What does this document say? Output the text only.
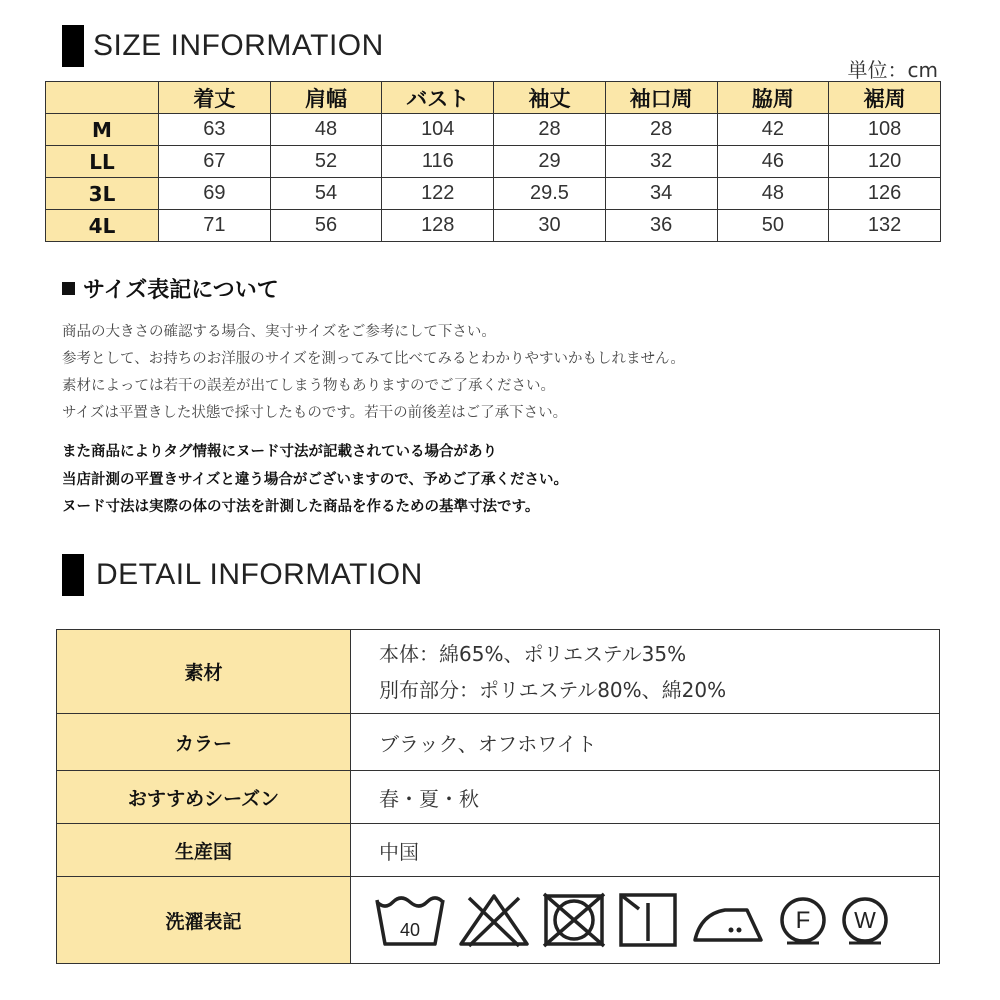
SIZE INFORMATION
単位：cm
	着丈	肩幅	バスト	袖丈	袖口周	脇周	裾周
M	63	48	104	28	28	42	108
LL	67	52	116	29	32	46	120
3L	69	54	122	29.5	34	48	126
4L	71	56	128	30	36	50	132
サイズ表記について
商品の大きさの確認する場合、実寸サイズをご参考にして下さい。
参考として、お持ちのお洋服のサイズを測ってみて比べてみるとわかりやすいかもしれません。
素材によっては若干の誤差が出てしまう物もありますのでご了承ください。
サイズは平置きした状態で採寸したものです。若干の前後差はご了承下さい。
また商品によりタグ情報にヌード寸法が記載されている場合があり
当店計測の平置きサイズと違う場合がございますので、予めご了承ください。
ヌード寸法は実際の体の寸法を計測した商品を作るための基準寸法です。
DETAIL INFORMATION
素材	本体：綿65%、ポリエステル35%
別布部分：ポリエステル80%、綿20%

カラー	ブラック、オフホワイト
おすすめシーズン	春・夏・秋
生産国	中国
洗濯表記	40 F W
